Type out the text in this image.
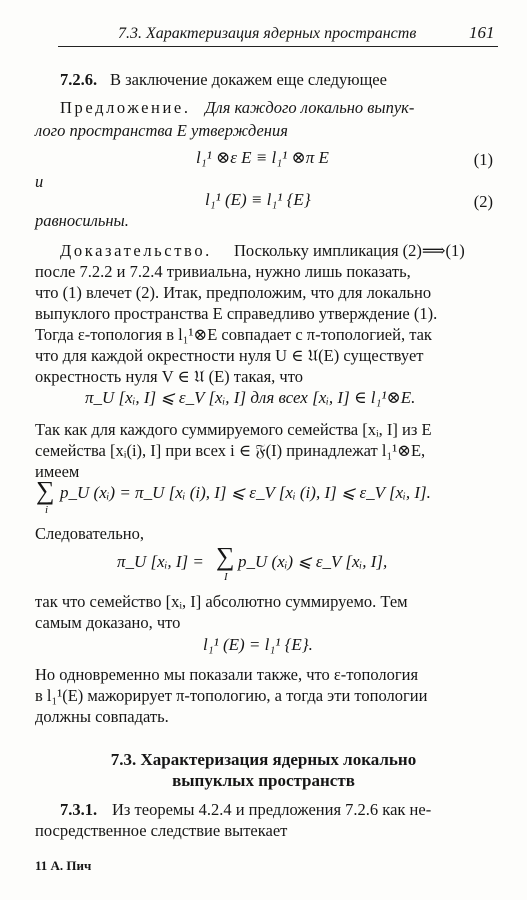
7.3. Характеризация ядерных пространств	161
7.2.6. В заключение докажем еще следующее
Предложение. Для каждого локально выпук-
лого пространства E утверждения
l₁¹ ⊗ε E ≡ l₁¹ ⊗π E	(1)
и
l₁¹ (E) ≡ l₁¹ {E}	(2)
равносильны.
Доказательство. Поскольку импликация (2)⟹(1)
после 7.2.2 и 7.2.4 тривиальна, нужно лишь показать,
что (1) влечет (2). Итак, предположим, что для локально
выпуклого пространства E справедливо утверждение (1).
Тогда ε-топология в l₁¹⊗E совпадает с π-топологией, так
что для каждой окрестности нуля U ∈ 𝔘(E) существует
окрестность нуля V ∈ 𝔘 (E) такая, что
π_U [xᵢ, I] ⩽ ε_V [xᵢ, I] для всех [xᵢ, I] ∈ l₁¹⊗E.
Так как для каждого суммируемого семейства [xᵢ, I] из E
семейства [xᵢ(i), I] при всех i ∈ 𝔉(I) принадлежат l₁¹⊗E,
имеем
∑
i
p_U (xᵢ) = π_U [xᵢ (i), I] ⩽ ε_V [xᵢ (i), I] ⩽ ε_V [xᵢ, I].
Следовательно,
π_U [xᵢ, I] = ∑
I
p_U (xᵢ) ⩽ ε_V [xᵢ, I],
так что семейство [xᵢ, I] абсолютно суммируемо. Тем
самым доказано, что
l₁¹ (E) = l₁¹ {E}.
Но одновременно мы показали также, что ε-топология
в l₁¹(E) мажорирует π-топологию, а тогда эти топологии
должны совпадать.
7.3. Характеризация ядерных локально
выпуклых пространств
7.3.1. Из теоремы 4.2.4 и предложения 7.2.6 как не-
посредственное следствие вытекает
11 А. Пич
